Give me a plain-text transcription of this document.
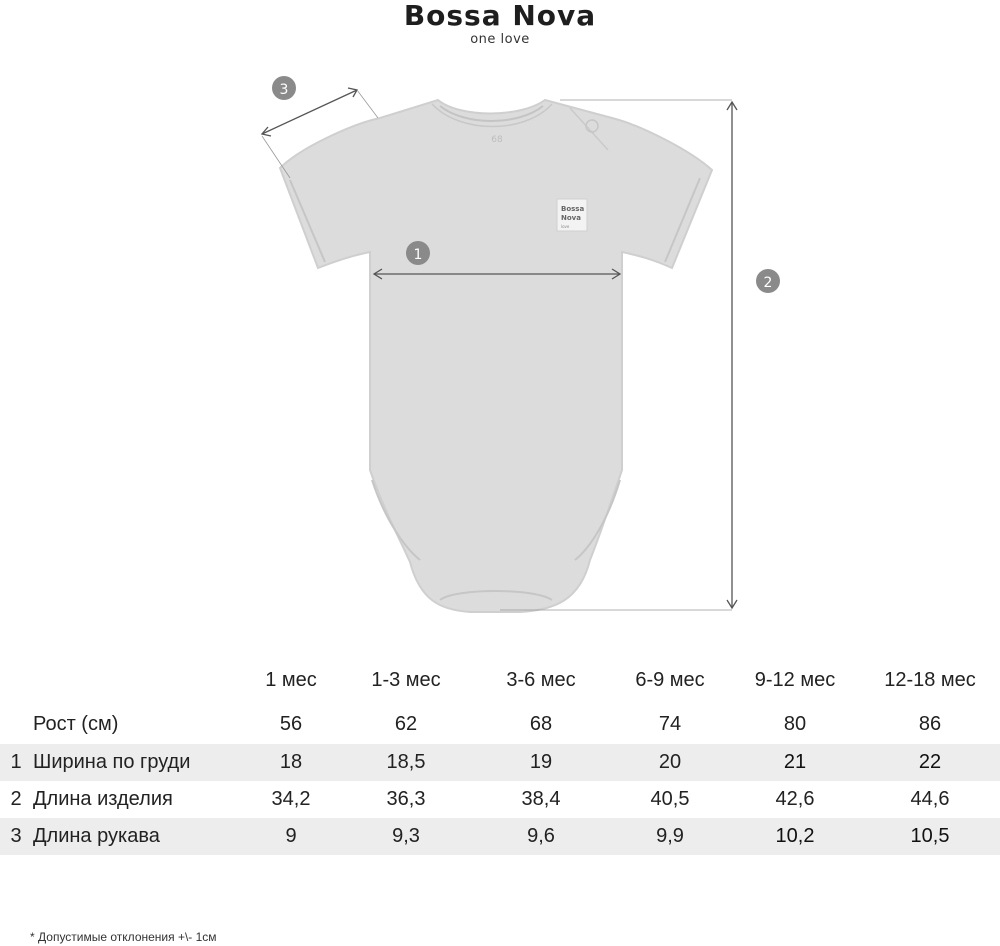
Bossa Nova
one love
68
Bossa
Nova
love
1
2
3
1 мес	1-3 мес	3-6 мес	6-9 мес	9-12 мес	12-18 мес
Рост (см)	56	62	68	74	80	86
1 Ширина по груди	18	18,5	19	20	21	22
2 Длина изделия	34,2	36,3	38,4	40,5	42,6	44,6
3 Длина рукава	9	9,3	9,6	9,9	10,2	10,5
* Допустимые отклонения +\- 1см
